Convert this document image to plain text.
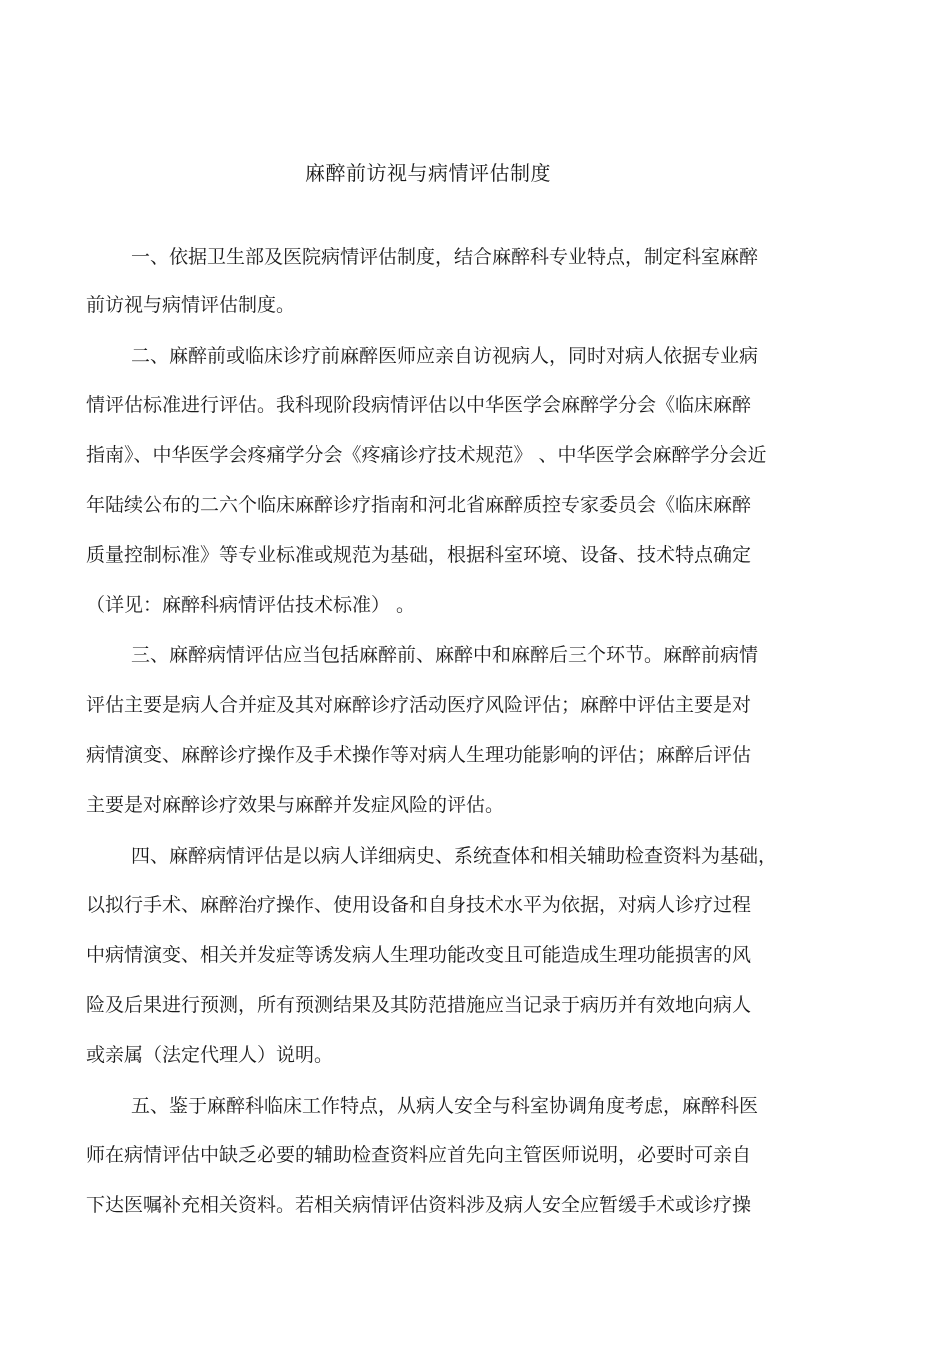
麻醉前访视与病情评估制度
一、依据卫生部及医院病情评估制度，结合麻醉科专业特点，制定科室麻醉
前访视与病情评估制度。
二、麻醉前或临床诊疗前麻醉医师应亲自访视病人，同时对病人依据专业病
情评估标准进行评估。我科现阶段病情评估以中华医学会麻醉学分会《临床麻醉
指南》、中华医学会疼痛学分会《疼痛诊疗技术规范》 、中华医学会麻醉学分会近
年陆续公布的二六个临床麻醉诊疗指南和河北省麻醉质控专家委员会《临床麻醉
质量控制标准》等专业标准或规范为基础，根据科室环境、设备、技术特点确定
（详见：麻醉科病情评估技术标准） 。
三、麻醉病情评估应当包括麻醉前、麻醉中和麻醉后三个环节。麻醉前病情
评估主要是病人合并症及其对麻醉诊疗活动医疗风险评估；麻醉中评估主要是对
病情演变、麻醉诊疗操作及手术操作等对病人生理功能影响的评估；麻醉后评估
主要是对麻醉诊疗效果与麻醉并发症风险的评估。
四、麻醉病情评估是以病人详细病史、系统查体和相关辅助检查资料为基础，
以拟行手术、麻醉治疗操作、使用设备和自身技术水平为依据，对病人诊疗过程
中病情演变、相关并发症等诱发病人生理功能改变且可能造成生理功能损害的风
险及后果进行预测，所有预测结果及其防范措施应当记录于病历并有效地向病人
或亲属（法定代理人）说明。
五、鉴于麻醉科临床工作特点，从病人安全与科室协调角度考虑，麻醉科医
师在病情评估中缺乏必要的辅助检查资料应首先向主管医师说明，必要时可亲自
下达医嘱补充相关资料。若相关病情评估资料涉及病人安全应暂缓手术或诊疗操
